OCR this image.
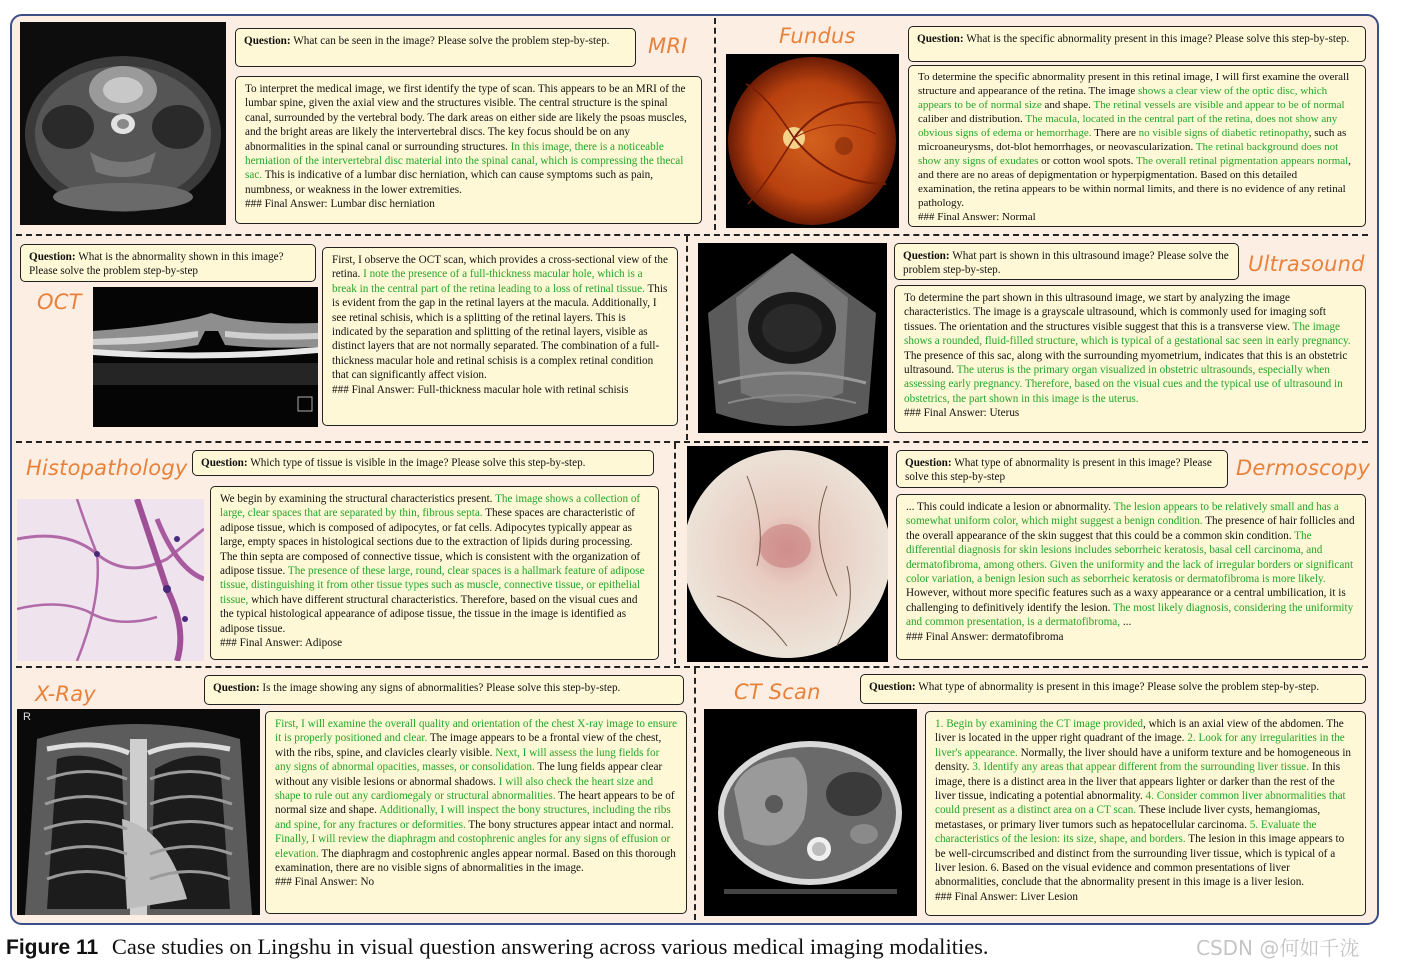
MRI
Question: What can be seen in the image? Please solve the problem step-by-step.
To interpret the medical image, we first identify the type of scan. This appears to be an MRI of the lumbar spine, given the axial view and the structures visible. The central structure is the spinal canal, surrounded by the vertebral body. The dark areas on either side are likely the psoas muscles, and the bright areas are likely the intervertebral discs. The key focus should be on any abnormalities in the spinal canal or surrounding structures. In this image, there is a noticeable herniation of the intervertebral disc material into the spinal canal, which is compressing the thecal sac. This is indicative of a lumbar disc herniation, which can cause symptoms such as pain, numbness, or weakness in the lower extremities.
### Final Answer: Lumbar disc herniation
Fundus	Question: What is the specific abnormality present in this image? Please solve this step-by-step.
To determine the specific abnormality present in this retinal image, I will first examine the overall structure and appearance of the retina. The image shows a clear view of the optic disc, which appears to be of normal size and shape. The retinal vessels are visible and appear to be of normal caliber and distribution. The macula, located in the central part of the retina, does not show any obvious signs of edema or hemorrhage. There are no visible signs of diabetic retinopathy, such as microaneurysms, dot-blot hemorrhages, or neovascularization. The retinal background does not show any signs of exudates or cotton wool spots. The overall retinal pigmentation appears normal, and there are no areas of depigmentation or hyperpigmentation. Based on this detailed examination, the retina appears to be within normal limits, and there is no evidence of any retinal pathology.
### Final Answer: Normal
Question: What is the abnormality shown in this image? Please solve the problem step-by-step
OCT
First, I observe the OCT scan, which provides a cross-sectional view of the retina. I note the presence of a full-thickness macular hole, which is a break in the central part of the retina leading to a loss of retinal tissue. This is evident from the gap in the retinal layers at the macula. Additionally, I see retinal schisis, which is a splitting of the retinal layers. This is indicated by the separation and splitting of the retinal layers, visible as distinct layers that are not normally separated. The combination of a full-thickness macular hole and retinal schisis is a complex retinal condition that can significantly affect vision.
### Final Answer: Full-thickness macular hole with retinal schisis
Question: What part is shown in this ultrasound image? Please solve the problem step-by-step.	Ultrasound
To determine the part shown in this ultrasound image, we start by analyzing the image characteristics. The image is a grayscale ultrasound, which is commonly used for imaging soft tissues. The orientation and the structures visible suggest that this is a transverse view. The image shows a rounded, fluid-filled structure, which is typical of a gestational sac seen in early pregnancy. The presence of this sac, along with the surrounding myometrium, indicates that this is an obstetric ultrasound. The uterus is the primary organ visualized in obstetric ultrasounds, especially when assessing early pregnancy. Therefore, based on the visual cues and the typical use of ultrasound in obstetrics, the part shown in this image is the uterus.
### Final Answer: Uterus
Histopathology	Question: Which type of tissue is visible in the image? Please solve this step-by-step.
We begin by examining the structural characteristics present. The image shows a collection of large, clear spaces that are separated by thin, fibrous septa. These spaces are characteristic of adipose tissue, which is composed of adipocytes, or fat cells. Adipocytes typically appear as large, empty spaces in histological sections due to the extraction of lipids during processing. The thin septa are composed of connective tissue, which is consistent with the organization of adipose tissue. The presence of these large, round, clear spaces is a hallmark feature of adipose tissue, distinguishing it from other tissue types such as muscle, connective tissue, or epithelial tissue, which have different structural characteristics. Therefore, based on the visual cues and the typical histological appearance of adipose tissue, the tissue in the image is identified as adipose tissue.
### Final Answer: Adipose
Question: What type of abnormality is present in this image? Please solve this step-by-step	Dermoscopy
... This could indicate a lesion or abnormality. The lesion appears to be relatively small and has a somewhat uniform color, which might suggest a benign condition. The presence of hair follicles and the overall appearance of the skin suggest that this could be a common skin condition. The differential diagnosis for skin lesions includes seborrheic keratosis, basal cell carcinoma, and dermatofibroma, among others. Given the uniformity and the lack of irregular borders or significant color variation, a benign lesion such as seborrheic keratosis or dermatofibroma is more likely. However, without more specific features such as a waxy appearance or a central umbilication, it is challenging to definitively identify the lesion. The most likely diagnosis, considering the uniformity and common presentation, is a dermatofibroma, ...
### Final Answer: dermatofibroma
X-Ray	Question: Is the image showing any signs of abnormalities? Please solve this step-by-step.
R
First, I will examine the overall quality and orientation of the chest X-ray image to ensure it is properly positioned and clear. The image appears to be a frontal view of the chest, with the ribs, spine, and clavicles clearly visible. Next, I will assess the lung fields for any signs of abnormal opacities, masses, or consolidation. The lung fields appear clear without any visible lesions or abnormal shadows. I will also check the heart size and shape to rule out any cardiomegaly or structural abnormalities. The heart appears to be of normal size and shape. Additionally, I will inspect the bony structures, including the ribs and spine, for any fractures or deformities. The bony structures appear intact and normal. Finally, I will review the diaphragm and costophrenic angles for any signs of effusion or elevation. The diaphragm and costophrenic angles appear normal. Based on this thorough examination, there are no visible signs of abnormalities in the image.
### Final Answer: No
CT Scan	Question: What type of abnormality is present in this image? Please solve the problem step-by-step.
1. Begin by examining the CT image provided, which is an axial view of the abdomen. The liver is located in the upper right quadrant of the image. 2. Look for any irregularities in the liver's appearance. Normally, the liver should have a uniform texture and be homogeneous in density. 3. Identify any areas that appear different from the surrounding liver tissue. In this image, there is a distinct area in the liver that appears lighter or darker than the rest of the liver tissue, indicating a potential abnormality. 4. Consider common liver abnormalities that could present as a distinct area on a CT scan. These include liver cysts, hemangiomas, metastases, or primary liver tumors such as hepatocellular carcinoma. 5. Evaluate the characteristics of the lesion: its size, shape, and borders. The lesion in this image appears to be well-circumscribed and distinct from the surrounding liver tissue, which is typical of a liver lesion. 6. Based on the visual evidence and common presentations of liver abnormalities, conclude that the abnormality present in this image is a liver lesion.
### Final Answer: Liver Lesion
Figure 11 Case studies on Lingshu in visual question answering across various medical imaging modalities.	CSDN @何如千泷
